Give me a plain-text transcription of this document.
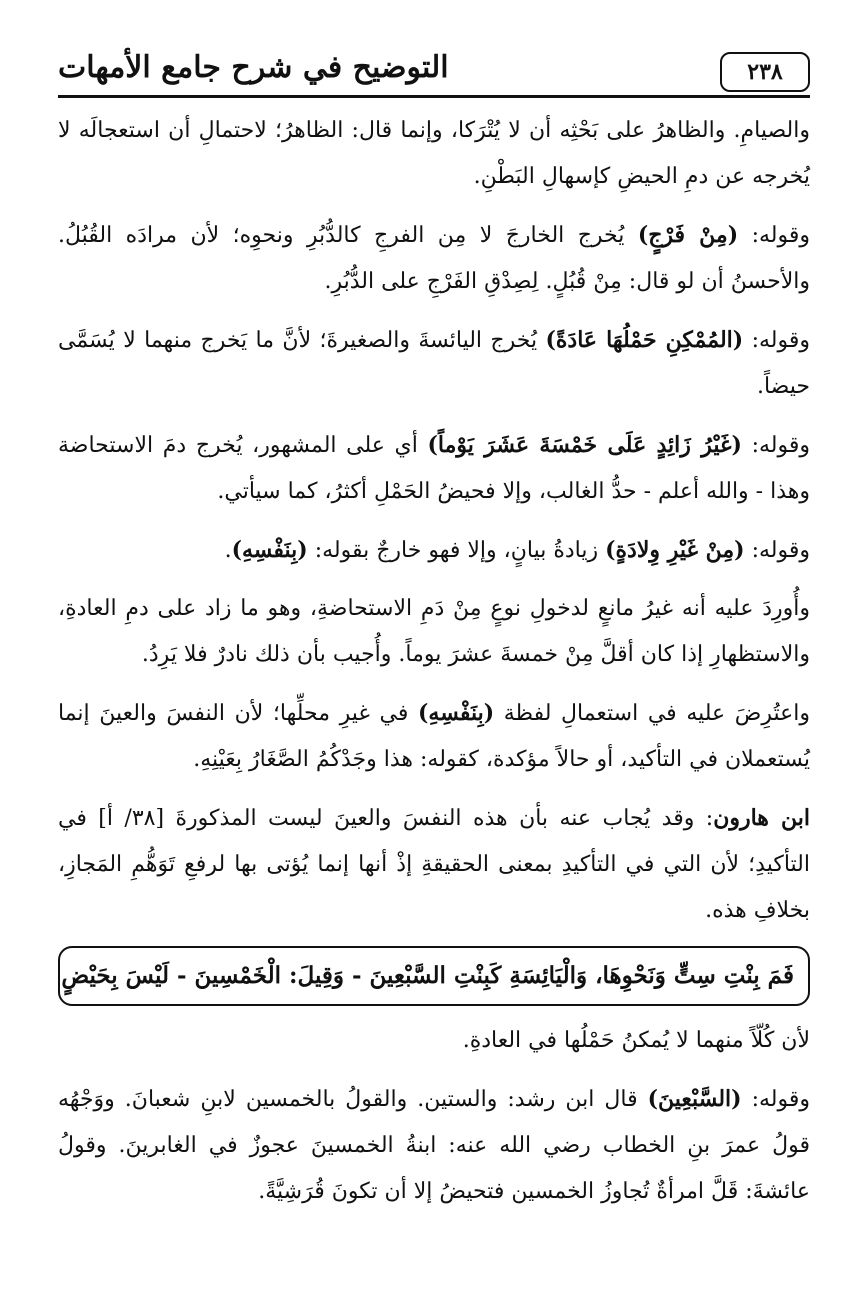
٢٣٨
التوضيح في شرح جامع الأمهات

والصيامِ. والظاهرُ على بَحْثِه أن لا يُتْرَكا، وإنما قال: الظاهرُ؛ لاحتمالِ أن استعجالَه لا يُخرجه عن دمِ الحيضِ كإسهالِ البَطْنِ.

وقوله: (مِنْ فَرْجٍ) يُخرج الخارجَ لا مِن الفرجِ كالدُّبُرِ ونحوِه؛ لأن مرادَه القُبُلُ. والأحسنُ أن لو قال: مِنْ قُبُلٍ. لِصِدْقِ الفَرْجِ على الدُّبُرِ.

وقوله: (المُمْكِنِ حَمْلُهَا عَادَةً) يُخرج اليائسةَ والصغيرةَ؛ لأنَّ ما يَخرج منهما لا يُسَمَّى حيضاً.

وقوله: (غَيْرُ زَائِدٍ عَلَى خَمْسَةَ عَشَرَ يَوْماً) أي على المشهور، يُخرج دمَ الاستحاضة وهذا - والله أعلم - حدُّ الغالب، وإلا فحيضُ الحَمْلِ أكثرُ، كما سيأتي.

وقوله: (مِنْ غَيْرِ وِلادَةٍ) زيادةُ بيانٍ، وإلا فهو خارجٌ بقوله: (بِنَفْسِهِ).

وأُورِدَ عليه أنه غيرُ مانعٍ لدخولِ نوعٍ مِنْ دَمِ الاستحاضةِ، وهو ما زاد على دمِ العادةِ، والاستظهارِ إذا كان أقلَّ مِنْ خمسةَ عشرَ يوماً. وأُجيب بأن ذلك نادرٌ فلا يَرِدُ.

واعتُرِضَ عليه في استعمالِ لفظة (بِنَفْسِهِ) في غيرِ محلِّها؛ لأن النفسَ والعينَ إنما يُستعملان في التأكيد، أو حالاً مؤكدة، كقوله: هذا وجَدْكُمُ الصَّغَارُ بِعَيْنِهِ.

ابن هارون: وقد يُجاب عنه بأن هذه النفسَ والعينَ ليست المذكورةَ [٣٨/ أ] في التأكيدِ؛ لأن التي في التأكيدِ بمعنى الحقيقةِ إذْ أنها إنما يُؤتى بها لرفعِ تَوَهُّمِ المَجازِ، بخلافِ هذه.

فَمَ بِنْتِ سِتٍّ وَنَحْوِهَا، وَالْيَائِسَةِ كَبِنْتِ السَّبْعِينَ - وَقِيلَ: الْخَمْسِينَ - لَيْسَ بِحَيْضٍ

لأن كُلّاً منهما لا يُمكنُ حَمْلُها في العادةِ.

وقوله: (السَّبْعِينَ) قال ابن رشد: والستين. والقولُ بالخمسين لابنِ شعبانَ. ووَجْهُه قولُ عمرَ بنِ الخطاب رضي الله عنه: ابنةُ الخمسينَ عجوزٌ في الغابرينَ. وقولُ عائشةَ: قَلَّ امرأةٌ تُجاوزُ الخمسين فتحيضُ إلا أن تكونَ قُرَشِيَّةً.
